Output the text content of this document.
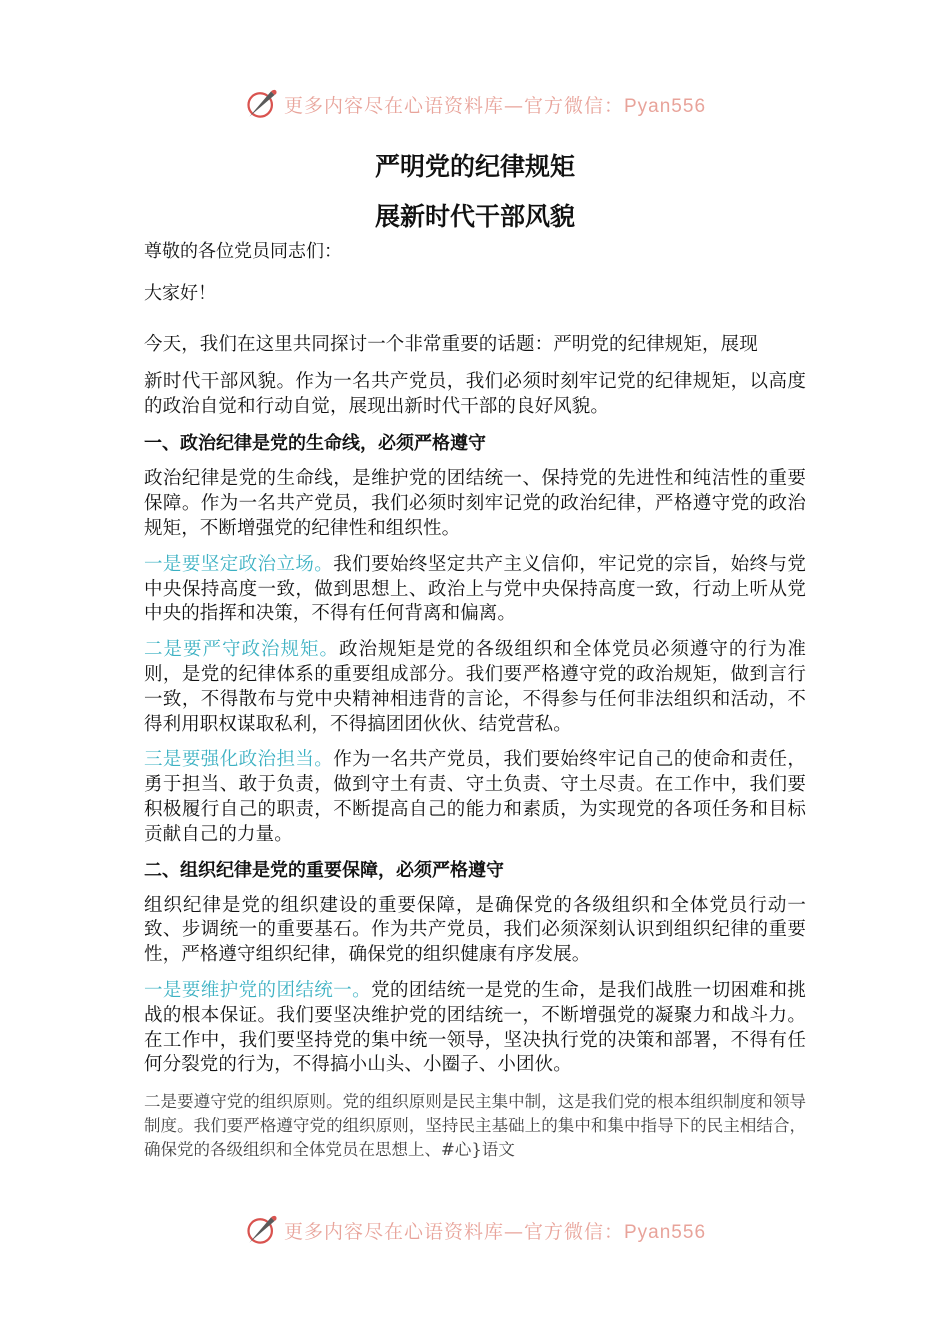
更多内容尽在心语资料库—官方微信：Pyan556
严明党的纪律规矩
展新时代干部风貌

尊敬的各位党员同志们：

大家好！

今天，我们在这里共同探讨一个非常重要的话题：严明党的纪律规矩，展现

新时代干部风貌。作为一名共产党员，我们必须时刻牢记党的纪律规矩，以高度的政治自觉和行动自觉，展现出新时代干部的良好风貌。

一、政治纪律是党的生命线，必须严格遵守

政治纪律是党的生命线，是维护党的团结统一、保持党的先进性和纯洁性的重要保障。作为一名共产党员，我们必须时刻牢记党的政治纪律，严格遵守党的政治规矩，不断增强党的纪律性和组织性。

一是要坚定政治立场。我们要始终坚定共产主义信仰，牢记党的宗旨，始终与党中央保持高度一致，做到思想上、政治上与党中央保持高度一致，行动上听从党中央的指挥和决策，不得有任何背离和偏离。

二是要严守政治规矩。政治规矩是党的各级组织和全体党员必须遵守的行为准则，是党的纪律体系的重要组成部分。我们要严格遵守党的政治规矩，做到言行一致，不得散布与党中央精神相违背的言论，不得参与任何非法组织和活动，不得利用职权谋取私利，不得搞团团伙伙、结党营私。

三是要强化政治担当。作为一名共产党员，我们要始终牢记自己的使命和责任，勇于担当、敢于负责，做到守土有责、守土负责、守土尽责。在工作中，我们要积极履行自己的职责，不断提高自己的能力和素质，为实现党的各项任务和目标贡献自己的力量。

二、组织纪律是党的重要保障，必须严格遵守

组织纪律是党的组织建设的重要保障，是确保党的各级组织和全体党员行动一致、步调统一的重要基石。作为共产党员，我们必须深刻认识到组织纪律的重要性，严格遵守组织纪律，确保党的组织健康有序发展。

一是要维护党的团结统一。党的团结统一是党的生命，是我们战胜一切困难和挑战的根本保证。我们要坚决维护党的团结统一，不断增强党的凝聚力和战斗力。在工作中，我们要坚持党的集中统一领导，坚决执行党的决策和部署，不得有任何分裂党的行为，不得搞小山头、小圈子、小团伙。

二是要遵守党的组织原则。党的组织原则是民主集中制，这是我们党的根本组织制度和领导制度。我们要严格遵守党的组织原则，坚持民主基础上的集中和集中指导下的民主相结合，确保党的各级组织和全体党员在思想上、#心}语文

更多内容尽在心语资料库—官方微信：Pyan556
